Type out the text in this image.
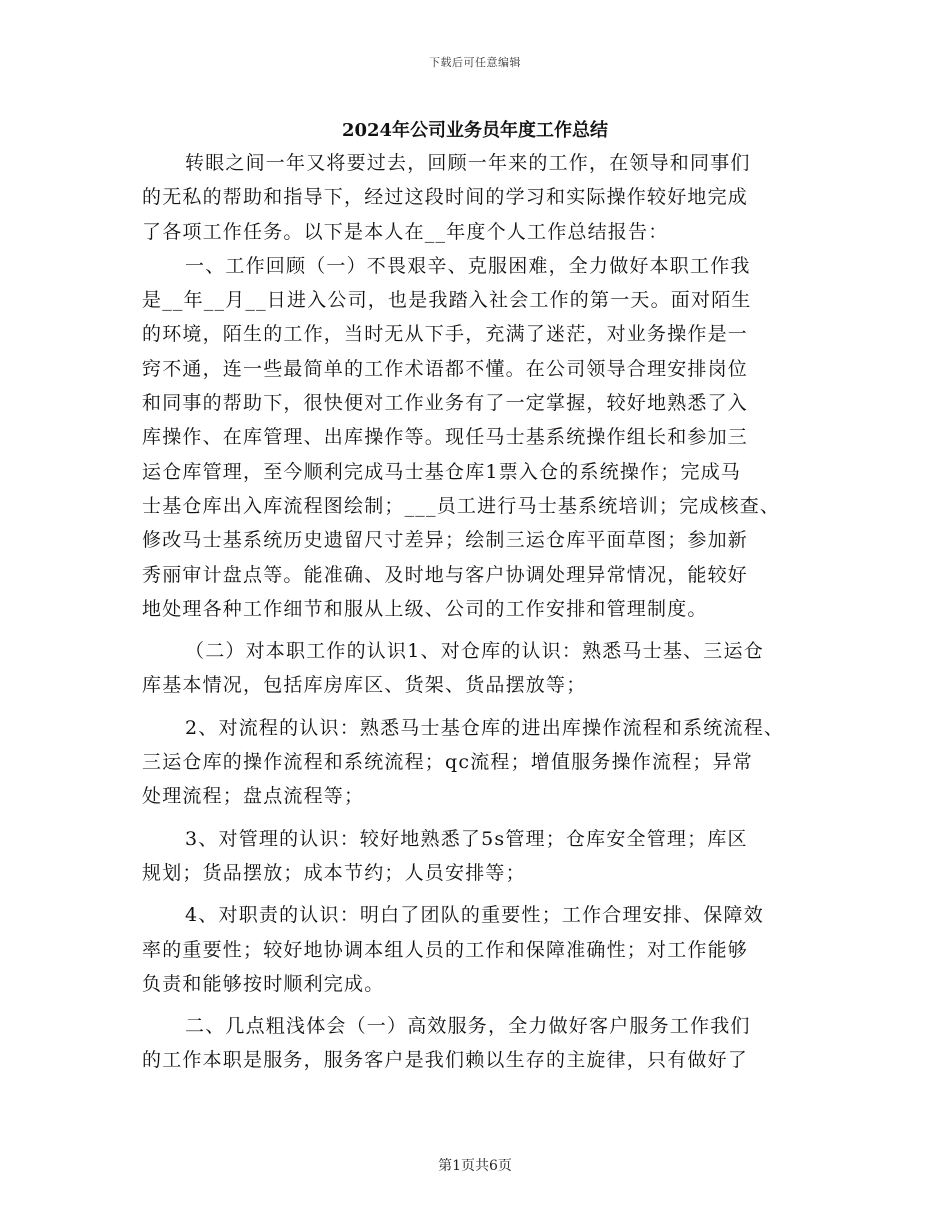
下载后可任意编辑
2024年公司业务员年度工作总结
转眼之间一年又将要过去，回顾一年来的工作，在领导和同事们
的无私的帮助和指导下，经过这段时间的学习和实际操作较好地完成
了各项工作任务。以下是本人在__年度个人工作总结报告：
一、工作回顾（一）不畏艰辛、克服困难，全力做好本职工作我
是__年__月__日进入公司，也是我踏入社会工作的第一天。面对陌生
的环境，陌生的工作，当时无从下手，充满了迷茫，对业务操作是一
窍不通，连一些最简单的工作术语都不懂。在公司领导合理安排岗位
和同事的帮助下，很快便对工作业务有了一定掌握，较好地熟悉了入
库操作、在库管理、出库操作等。现任马士基系统操作组长和参加三
运仓库管理，至今顺利完成马士基仓库1票入仓的系统操作；完成马
士基仓库出入库流程图绘制；___员工进行马士基系统培训；完成核查、
修改马士基系统历史遗留尺寸差异；绘制三运仓库平面草图；参加新
秀丽审计盘点等。能准确、及时地与客户协调处理异常情况，能较好
地处理各种工作细节和服从上级、公司的工作安排和管理制度。
（二）对本职工作的认识1、对仓库的认识：熟悉马士基、三运仓
库基本情况，包括库房库区、货架、货品摆放等；
2、对流程的认识：熟悉马士基仓库的进出库操作流程和系统流程、
三运仓库的操作流程和系统流程；qc流程；增值服务操作流程；异常
处理流程；盘点流程等；
3、对管理的认识：较好地熟悉了5s管理；仓库安全管理；库区
规划；货品摆放；成本节约；人员安排等；
4、对职责的认识：明白了团队的重要性；工作合理安排、保障效
率的重要性；较好地协调本组人员的工作和保障准确性；对工作能够
负责和能够按时顺利完成。
二、几点粗浅体会（一）高效服务，全力做好客户服务工作我们
的工作本职是服务，服务客户是我们赖以生存的主旋律，只有做好了
第1页共6页
